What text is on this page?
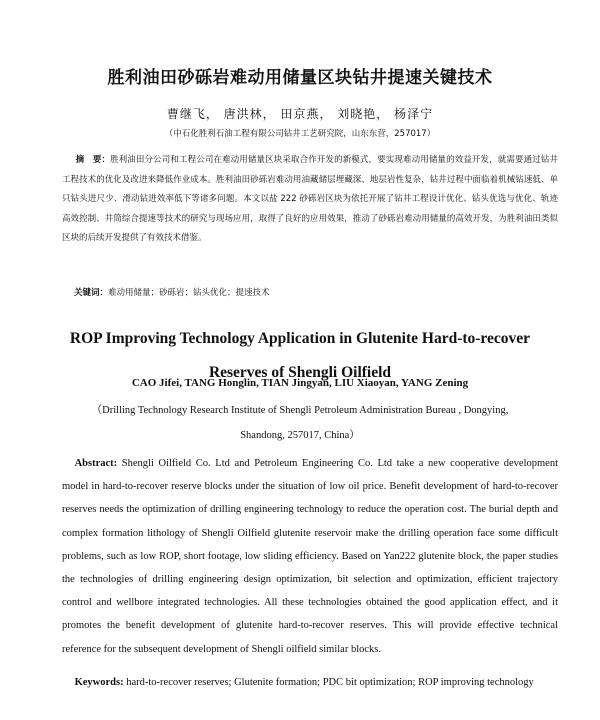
胜利油田砂砾岩难动用储量区块钻井提速关键技术
曹继飞， 唐洪林， 田京燕， 刘晓艳， 杨泽宁
（中石化胜利石油工程有限公司钻井工艺研究院，山东东营，257017）
摘　要：胜利油田分公司和工程公司在难动用储量区块采取合作开发的新模式，要实现难动用储量的效益开发，就需要通过钻井工程技术的优化及改进来降低作业成本。胜利油田砂砾岩难动用油藏储层埋藏深、地层岩性复杂，钻井过程中面临着机械钻速低、单只钻头进尺少、滑动钻进效率低下等诸多问题。本文以盐 222 砂砾岩区块为依托开展了钻井工程设计优化、钻头优选与优化、轨迹高效控制、井筒综合提速等技术的研究与现场应用，取得了良好的应用效果，推动了砂砾岩难动用储量的高效开发，为胜利油田类似区块的后续开发提供了有效技术借鉴。
关键词：难动用储量；砂砾岩；钻头优化；提速技术
ROP Improving Technology Application in Glutenite Hard-to-recover
Reserves of Shengli Oilfield
CAO Jifei, TANG Honglin, TIAN Jingyan, LIU Xiaoyan, YANG Zening
（Drilling Technology Research Institute of Shengli Petroleum Administration Bureau , Dongying, Shandong, 257017, China）
Abstract: Shengli Oilfield Co. Ltd and Petroleum Engineering Co. Ltd take a new cooperative development model in hard-to-recover reserve blocks under the situation of low oil price. Benefit development of hard-to-recover reserves needs the optimization of drilling engineering technology to reduce the operation cost. The burial depth and complex formation lithology of Shengli Oilfield glutenite reservoir make the drilling operation face some difficult problems, such as low ROP, short footage, low sliding efficiency. Based on Yan222 glutenite block, the paper studies the technologies of drilling engineering design optimization, bit selection and optimization, efficient trajectory control and wellbore integrated technologies. All these technologies obtained the good application effect, and it promotes the benefit development of glutenite hard-to-recover reserves. This will provide effective technical reference for the subsequent development of Shengli oilfield similar blocks.
Keywords: hard-to-recover reserves; Glutenite formation; PDC bit optimization; ROP improving technology
